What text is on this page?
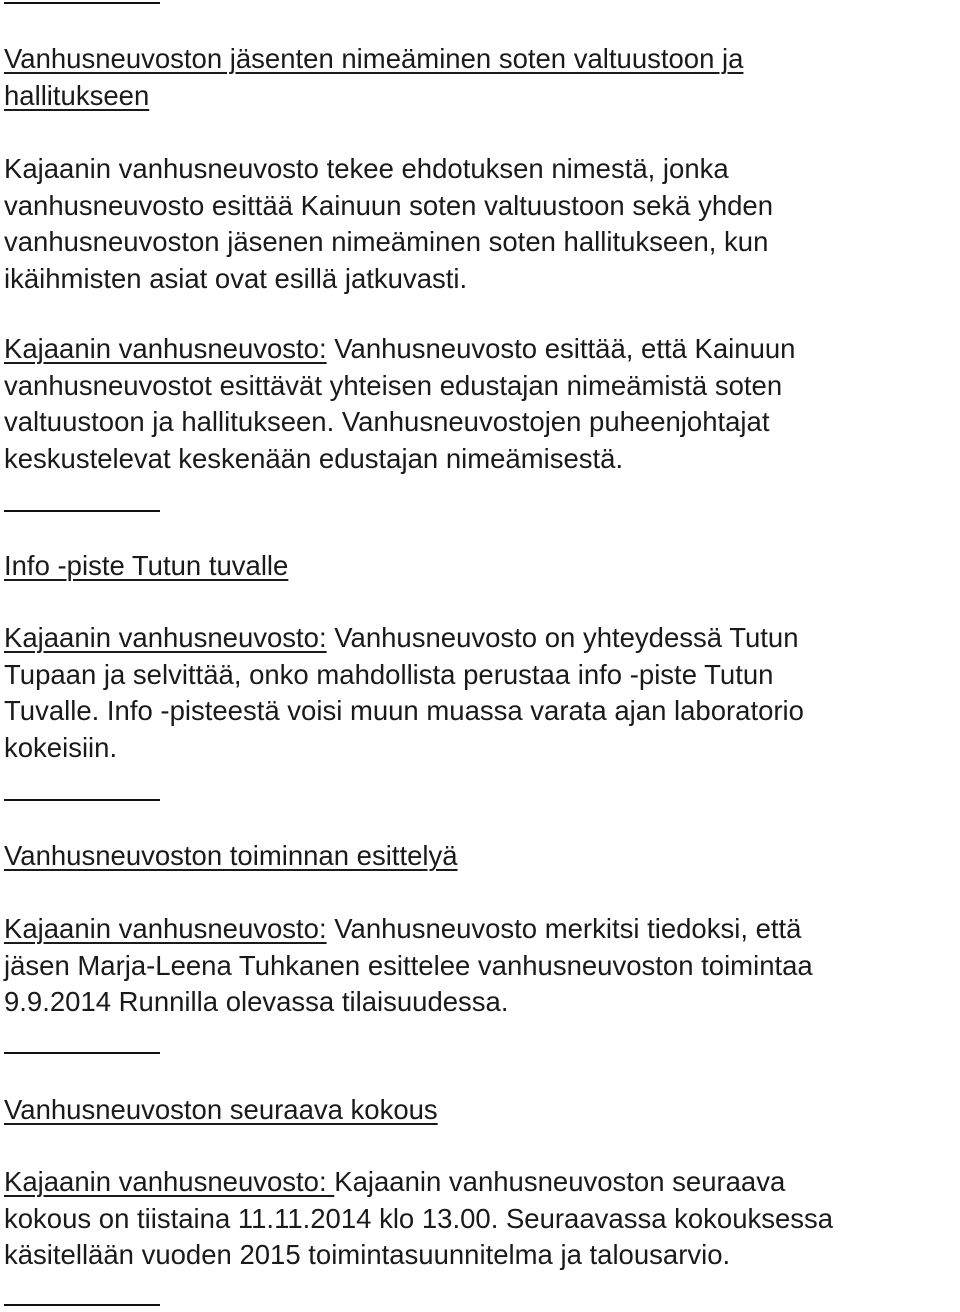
Vanhusneuvoston jäsenten nimeäminen soten valtuustoon ja
hallitukseen

Kajaanin vanhusneuvosto tekee ehdotuksen nimestä, jonka
vanhusneuvosto esittää Kainuun soten valtuustoon sekä yhden
vanhusneuvoston jäsenen nimeäminen soten hallitukseen, kun
ikäihmisten asiat ovat esillä jatkuvasti.

Kajaanin vanhusneuvosto: Vanhusneuvosto esittää, että Kainuun
vanhusneuvostot esittävät yhteisen edustajan nimeämistä soten
valtuustoon ja hallitukseen. Vanhusneuvostojen puheenjohtajat
keskustelevat keskenään edustajan nimeämisestä.

Info -piste Tutun tuvalle

Kajaanin vanhusneuvosto: Vanhusneuvosto on yhteydessä Tutun
Tupaan ja selvittää, onko mahdollista perustaa info -piste Tutun
Tuvalle. Info -pisteestä voisi muun muassa varata ajan laboratorio
kokeisiin.

Vanhusneuvoston toiminnan esittelyä

Kajaanin vanhusneuvosto: Vanhusneuvosto merkitsi tiedoksi, että
jäsen Marja-Leena Tuhkanen esittelee vanhusneuvoston toimintaa
9.9.2014 Runnilla olevassa tilaisuudessa.

Vanhusneuvoston seuraava kokous

Kajaanin vanhusneuvosto: Kajaanin vanhusneuvoston seuraava
kokous on tiistaina 11.11.2014 klo 13.00. Seuraavassa kokouksessa
käsitellään vuoden 2015 toimintasuunnitelma ja talousarvio.
